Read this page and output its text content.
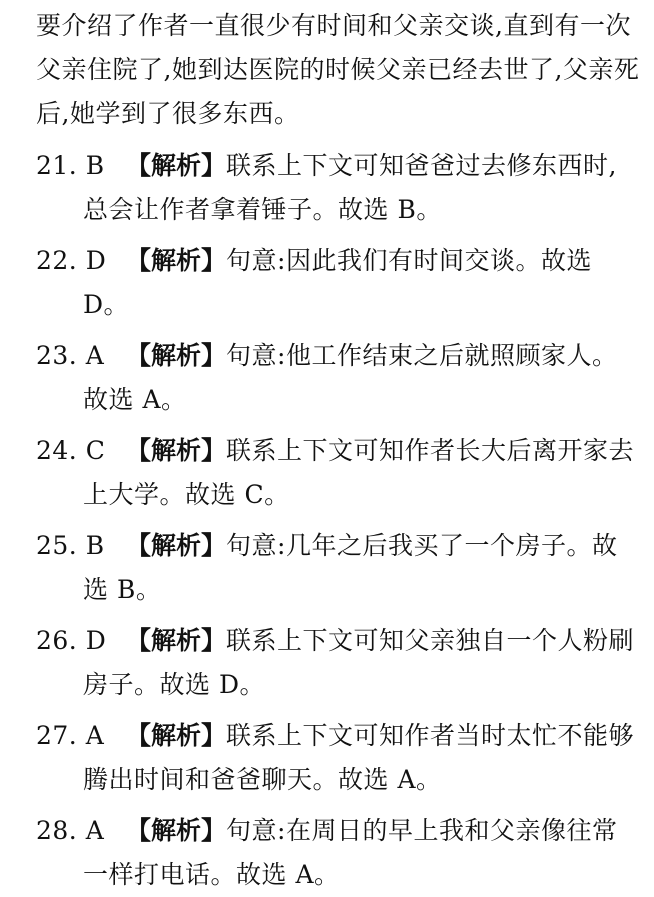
要介绍了作者一直很少有时间和父亲交谈,直到有一次父亲住院了,她到达医院的时候父亲已经去世了,父亲死后,她学到了很多东西。

21. B 【解析】联系上下文可知爸爸过去修东西时,总会让作者拿着锤子。故选 B。

22. D 【解析】句意:因此我们有时间交谈。故选 D。

23. A 【解析】句意:他工作结束之后就照顾家人。故选 A。

24. C 【解析】联系上下文可知作者长大后离开家去上大学。故选 C。

25. B 【解析】句意:几年之后我买了一个房子。故选 B。

26. D 【解析】联系上下文可知父亲独自一个人粉刷房子。故选 D。

27. A 【解析】联系上下文可知作者当时太忙不能够腾出时间和爸爸聊天。故选 A。

28. A 【解析】句意:在周日的早上我和父亲像往常一样打电话。故选 A。
